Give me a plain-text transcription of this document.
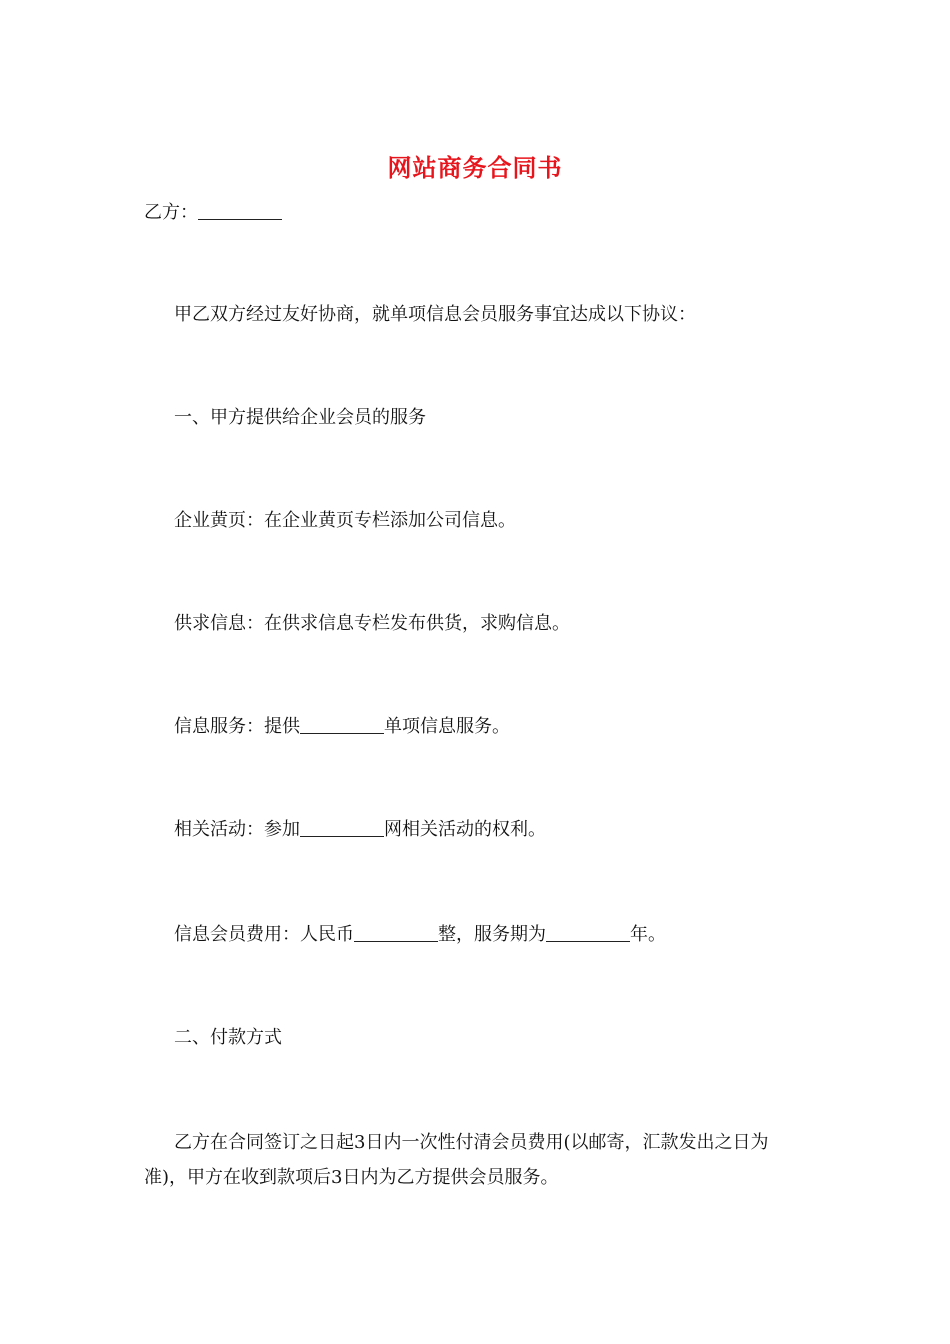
网站商务合同书
乙方：
甲乙双方经过友好协商，就单项信息会员服务事宜达成以下协议：
一、甲方提供给企业会员的服务
企业黄页：在企业黄页专栏添加公司信息。
供求信息：在供求信息专栏发布供货，求购信息。
信息服务：提供	单项信息服务。
相关活动：参加	网相关活动的权利。
信息会员费用：人民币	整，服务期为	年。
二、付款方式
乙方在合同签订之日起3日内一次性付清会员费用(以邮寄，汇款发出之日为准)，甲方在收到款项后3日内为乙方提供会员服务。
